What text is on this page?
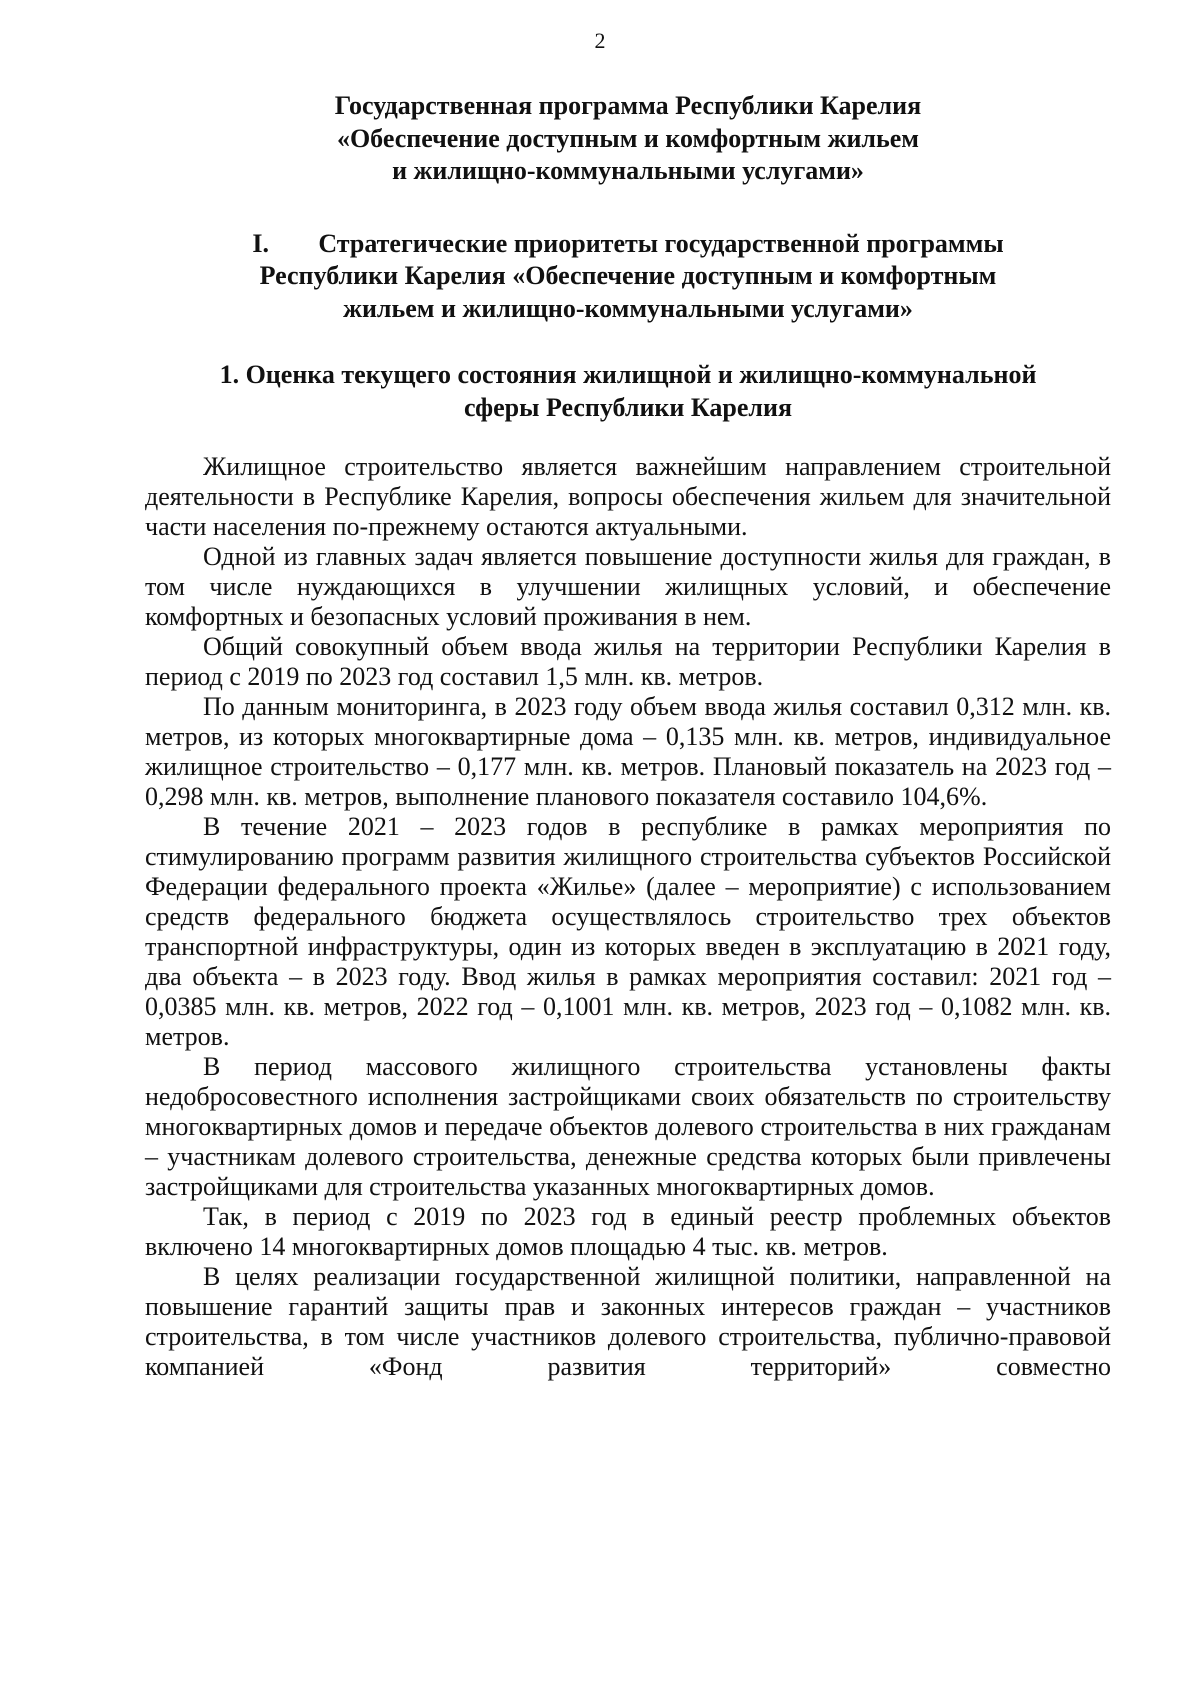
2
Государственная программа Республики Карелия
«Обеспечение доступным и комфортным жильем
и жилищно-коммунальными услугами»
I. Стратегические приоритеты государственной программы
Республики Карелия «Обеспечение доступным и комфортным
жильем и жилищно-коммунальными услугами»
1. Оценка текущего состояния жилищной и жилищно-коммунальной
сферы Республики Карелия

Жилищное строительство является важнейшим направлением строительной деятельности в Республике Карелия, вопросы обеспечения жильем для значительной части населения по-прежнему остаются актуальными.

Одной из главных задач является повышение доступности жилья для граждан, в том числе нуждающихся в улучшении жилищных условий, и обеспечение комфортных и безопасных условий проживания в нем.

Общий совокупный объем ввода жилья на территории Республики Карелия в период с 2019 по 2023 год составил 1,5 млн. кв. метров.

По данным мониторинга, в 2023 году объем ввода жилья составил 0,312 млн. кв. метров, из которых многоквартирные дома – 0,135 млн. кв. метров, индивидуальное жилищное строительство – 0,177 млн. кв. метров. Плановый показатель на 2023 год – 0,298 млн. кв. метров, выполнение планового показателя составило 104,6%.

В течение 2021 – 2023 годов в республике в рамках мероприятия по стимулированию программ развития жилищного строительства субъектов Российской Федерации федерального проекта «Жилье» (далее – мероприятие) с использованием средств федерального бюджета осуществлялось строительство трех объектов транспортной инфраструктуры, один из которых введен в эксплуатацию в 2021 году, два объекта – в 2023 году. Ввод жилья в рамках мероприятия составил: 2021 год – 0,0385 млн. кв. метров, 2022 год – 0,1001 млн. кв. метров, 2023 год – 0,1082 млн. кв. метров.

В период массового жилищного строительства установлены факты недобросовестного исполнения застройщиками своих обязательств по строительству многоквартирных домов и передаче объектов долевого строительства в них гражданам – участникам долевого строительства, денежные средства которых были привлечены застройщиками для строительства указанных многоквартирных домов.

Так, в период с 2019 по 2023 год в единый реестр проблемных объектов включено 14 многоквартирных домов площадью 4 тыс. кв. метров.

В целях реализации государственной жилищной политики, направленной на повышение гарантий защиты прав и законных интересов граждан – участников строительства, в том числе участников долевого строительства, публично-правовой компанией «Фонд развития территорий» совместно
